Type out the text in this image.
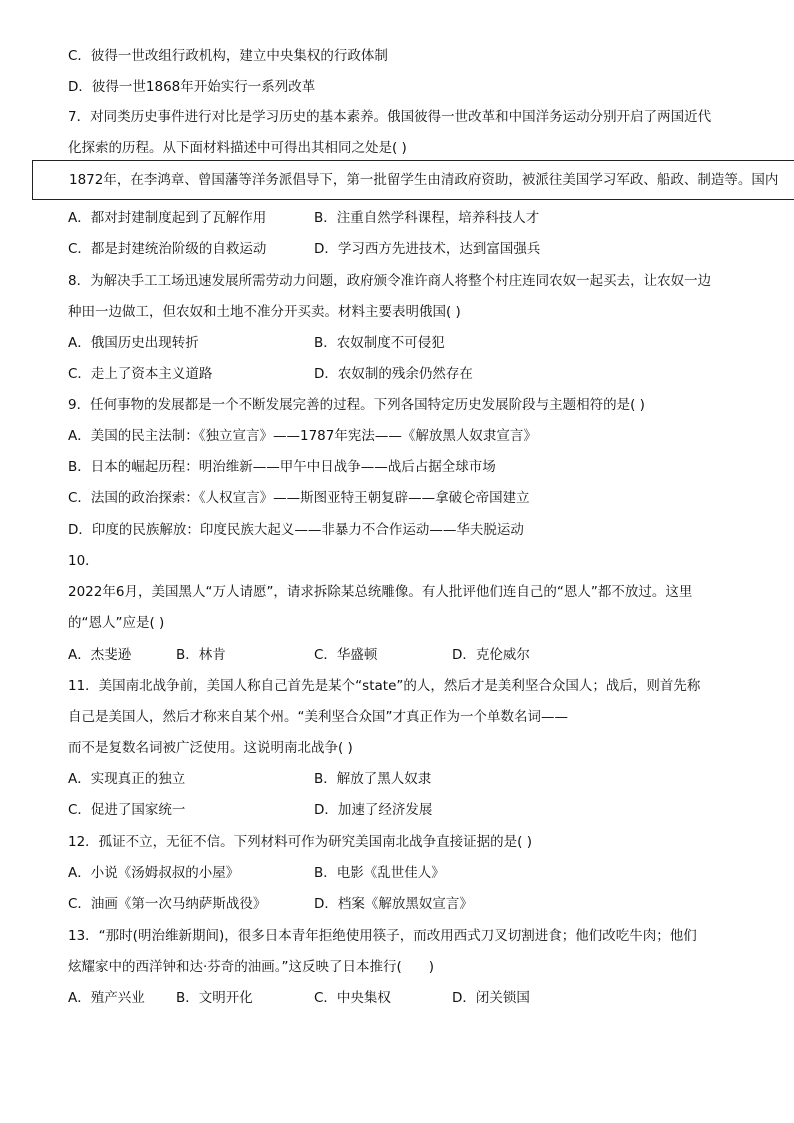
C．彼得一世改组行政机构，建立中央集权的行政体制
D．彼得一世1868年开始实行一系列改革
7．对同类历史事件进行对比是学习历史的基本素养。俄国彼得一世改革和中国洋务运动分别开启了两国近代
化探索的历程。从下面材料描述中可得出其相同之处是( )
1872年，在李鸿章、曾国藩等洋务派倡导下，第一批留学生由清政府资助，被派往美国学习军政、船政、制造等。国内
A．都对封建制度起到了瓦解作用	B．注重自然学科课程，培养科技人才
C．都是封建统治阶级的自救运动	D．学习西方先进技术，达到富国强兵
8．为解决手工工场迅速发展所需劳动力问题，政府颁令准许商人将整个村庄连同农奴一起买去，让农奴一边
种田一边做工，但农奴和土地不准分开买卖。材料主要表明俄国( )
A．俄国历史出现转折	B．农奴制度不可侵犯
C．走上了资本主义道路	D．农奴制的残余仍然存在
9．任何事物的发展都是一个不断发展完善的过程。下列各国特定历史发展阶段与主题相符的是( )
A．美国的民主法制：《独立宣言》——1787年宪法——《解放黑人奴隶宣言》
B．日本的崛起历程：明治维新——甲午中日战争——战后占据全球市场
C．法国的政治探索：《人权宣言》——斯图亚特王朝复辟——拿破仑帝国建立
D．印度的民族解放：印度民族大起义——非暴力不合作运动——华夫脱运动
10．
2022年6月，美国黑人“万人请愿”，请求拆除某总统雕像。有人批评他们连自己的“恩人”都不放过。这里
的“恩人”应是( )
A．杰斐逊	B．林肯	C．华盛顿	D．克伦威尔
11．美国南北战争前，美国人称自己首先是某个“state”的人，然后才是美利坚合众国人；战后，则首先称
自己是美国人，然后才称来自某个州。“美利坚合众国”才真正作为一个单数名词——
而不是复数名词被广泛使用。这说明南北战争( )
A．实现真正的独立	B．解放了黑人奴隶
C．促进了国家统一	D．加速了经济发展
12．孤证不立，无征不信。下列材料可作为研究美国南北战争直接证据的是( )
A．小说《汤姆叔叔的小屋》	B．电影《乱世佳人》
C．油画《第一次马纳萨斯战役》	D．档案《解放黑奴宣言》
13．“那时(明治维新期间)，很多日本青年拒绝使用筷子，而改用西式刀叉切割进食；他们改吃牛肉；他们
炫耀家中的西洋钟和达·芬奇的油画。”这反映了日本推行(　　)
A．殖产兴业 B．文明开化	C．中央集权	D．闭关锁国
